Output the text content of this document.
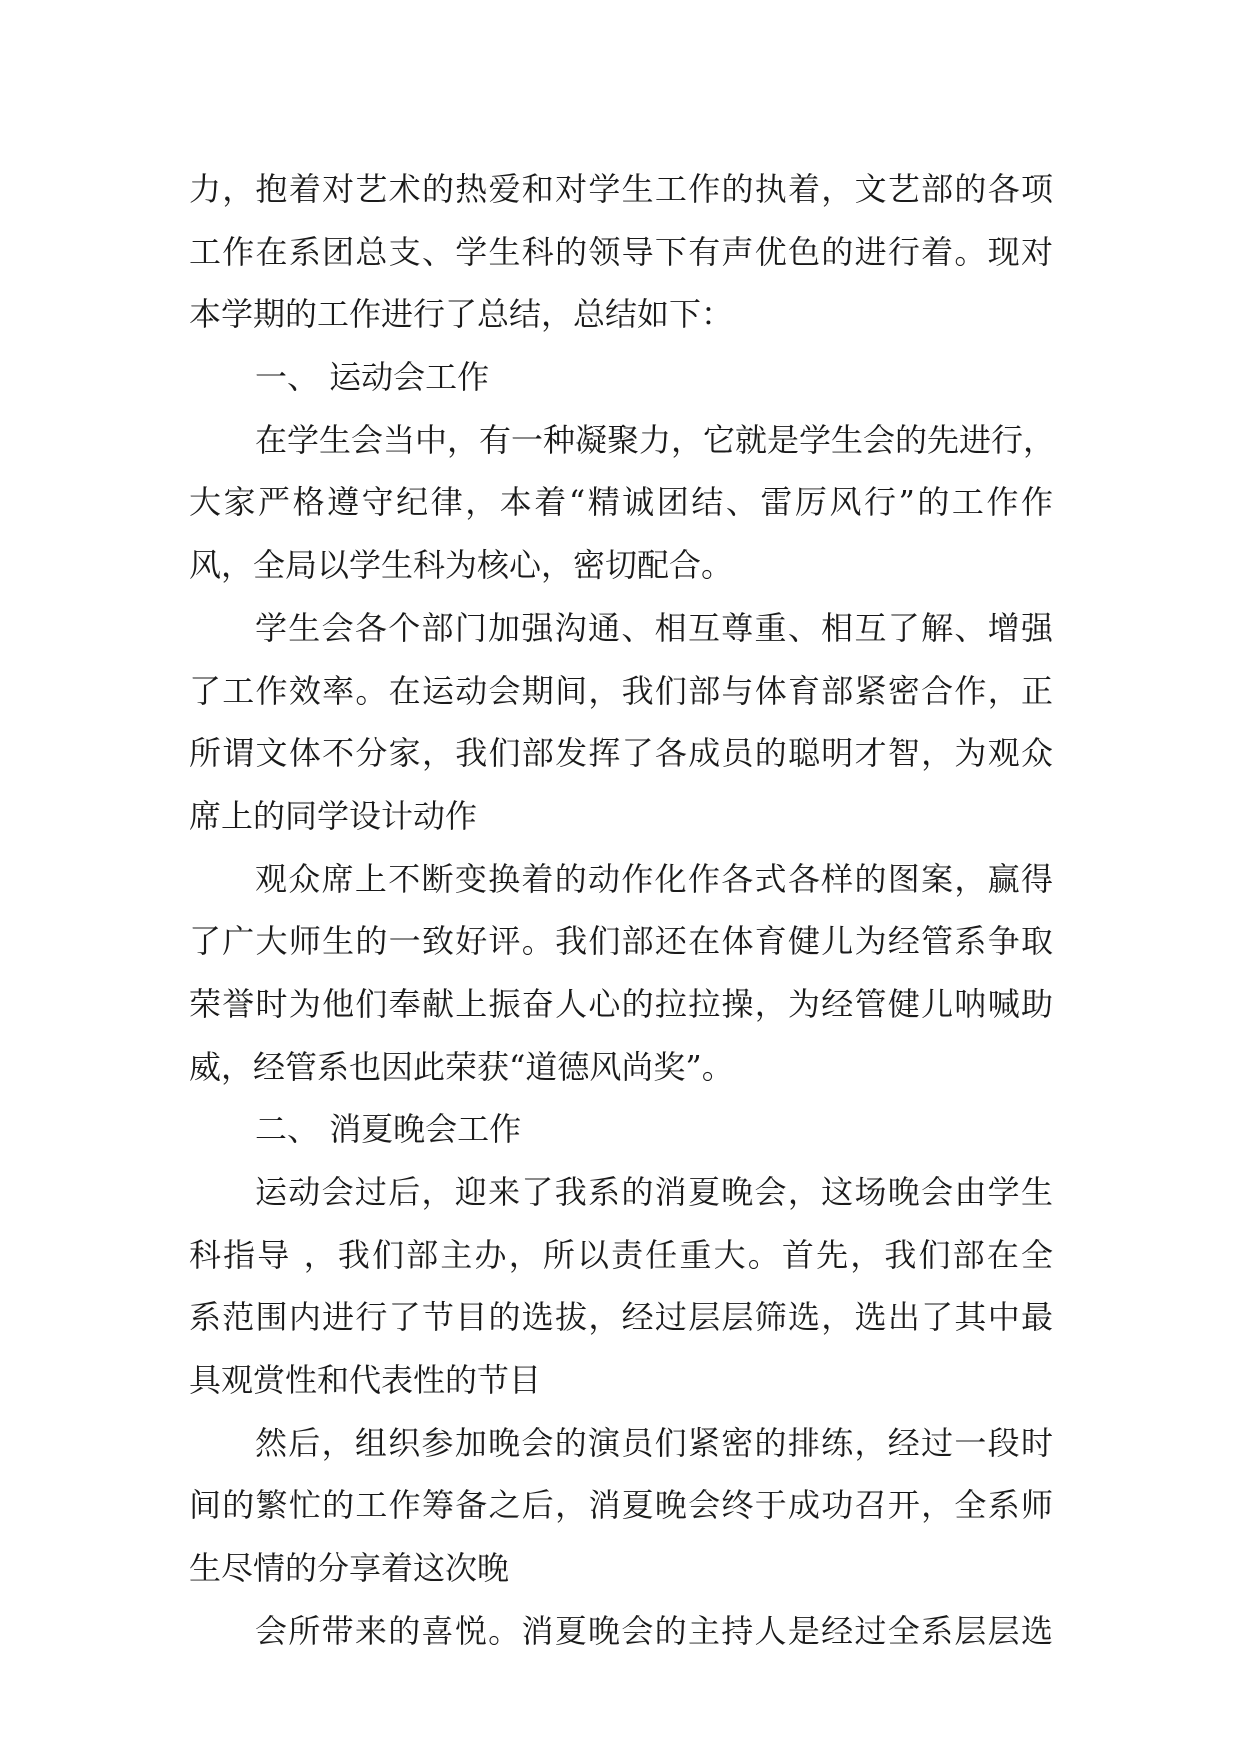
力，抱着对艺术的热爱和对学生工作的执着，文艺部的各项
工作在系团总支、学生科的领导下有声优色的进行着。现对
本学期的工作进行了总结，总结如下：
一、 运动会工作
在学生会当中，有一种凝聚力，它就是学生会的先进行，
大家严格遵守纪律，本着“精诚团结、雷厉风行”的工作作
风，全局以学生科为核心，密切配合。
学生会各个部门加强沟通、相互尊重、相互了解、增强
了工作效率。在运动会期间，我们部与体育部紧密合作，正
所谓文体不分家，我们部发挥了各成员的聪明才智，为观众
席上的同学设计动作
观众席上不断变换着的动作化作各式各样的图案，赢得
了广大师生的一致好评。我们部还在体育健儿为经管系争取
荣誉时为他们奉献上振奋人心的拉拉操，为经管健儿呐喊助
威，经管系也因此荣获“道德风尚奖”。
二、 消夏晚会工作
运动会过后，迎来了我系的消夏晚会，这场晚会由学生
科指导 ，我们部主办，所以责任重大。首先，我们部在全
系范围内进行了节目的选拔，经过层层筛选，选出了其中最
具观赏性和代表性的节目
然后，组织参加晚会的演员们紧密的排练，经过一段时
间的繁忙的工作筹备之后，消夏晚会终于成功召开，全系师
生尽情的分享着这次晚
会所带来的喜悦。消夏晚会的主持人是经过全系层层选
